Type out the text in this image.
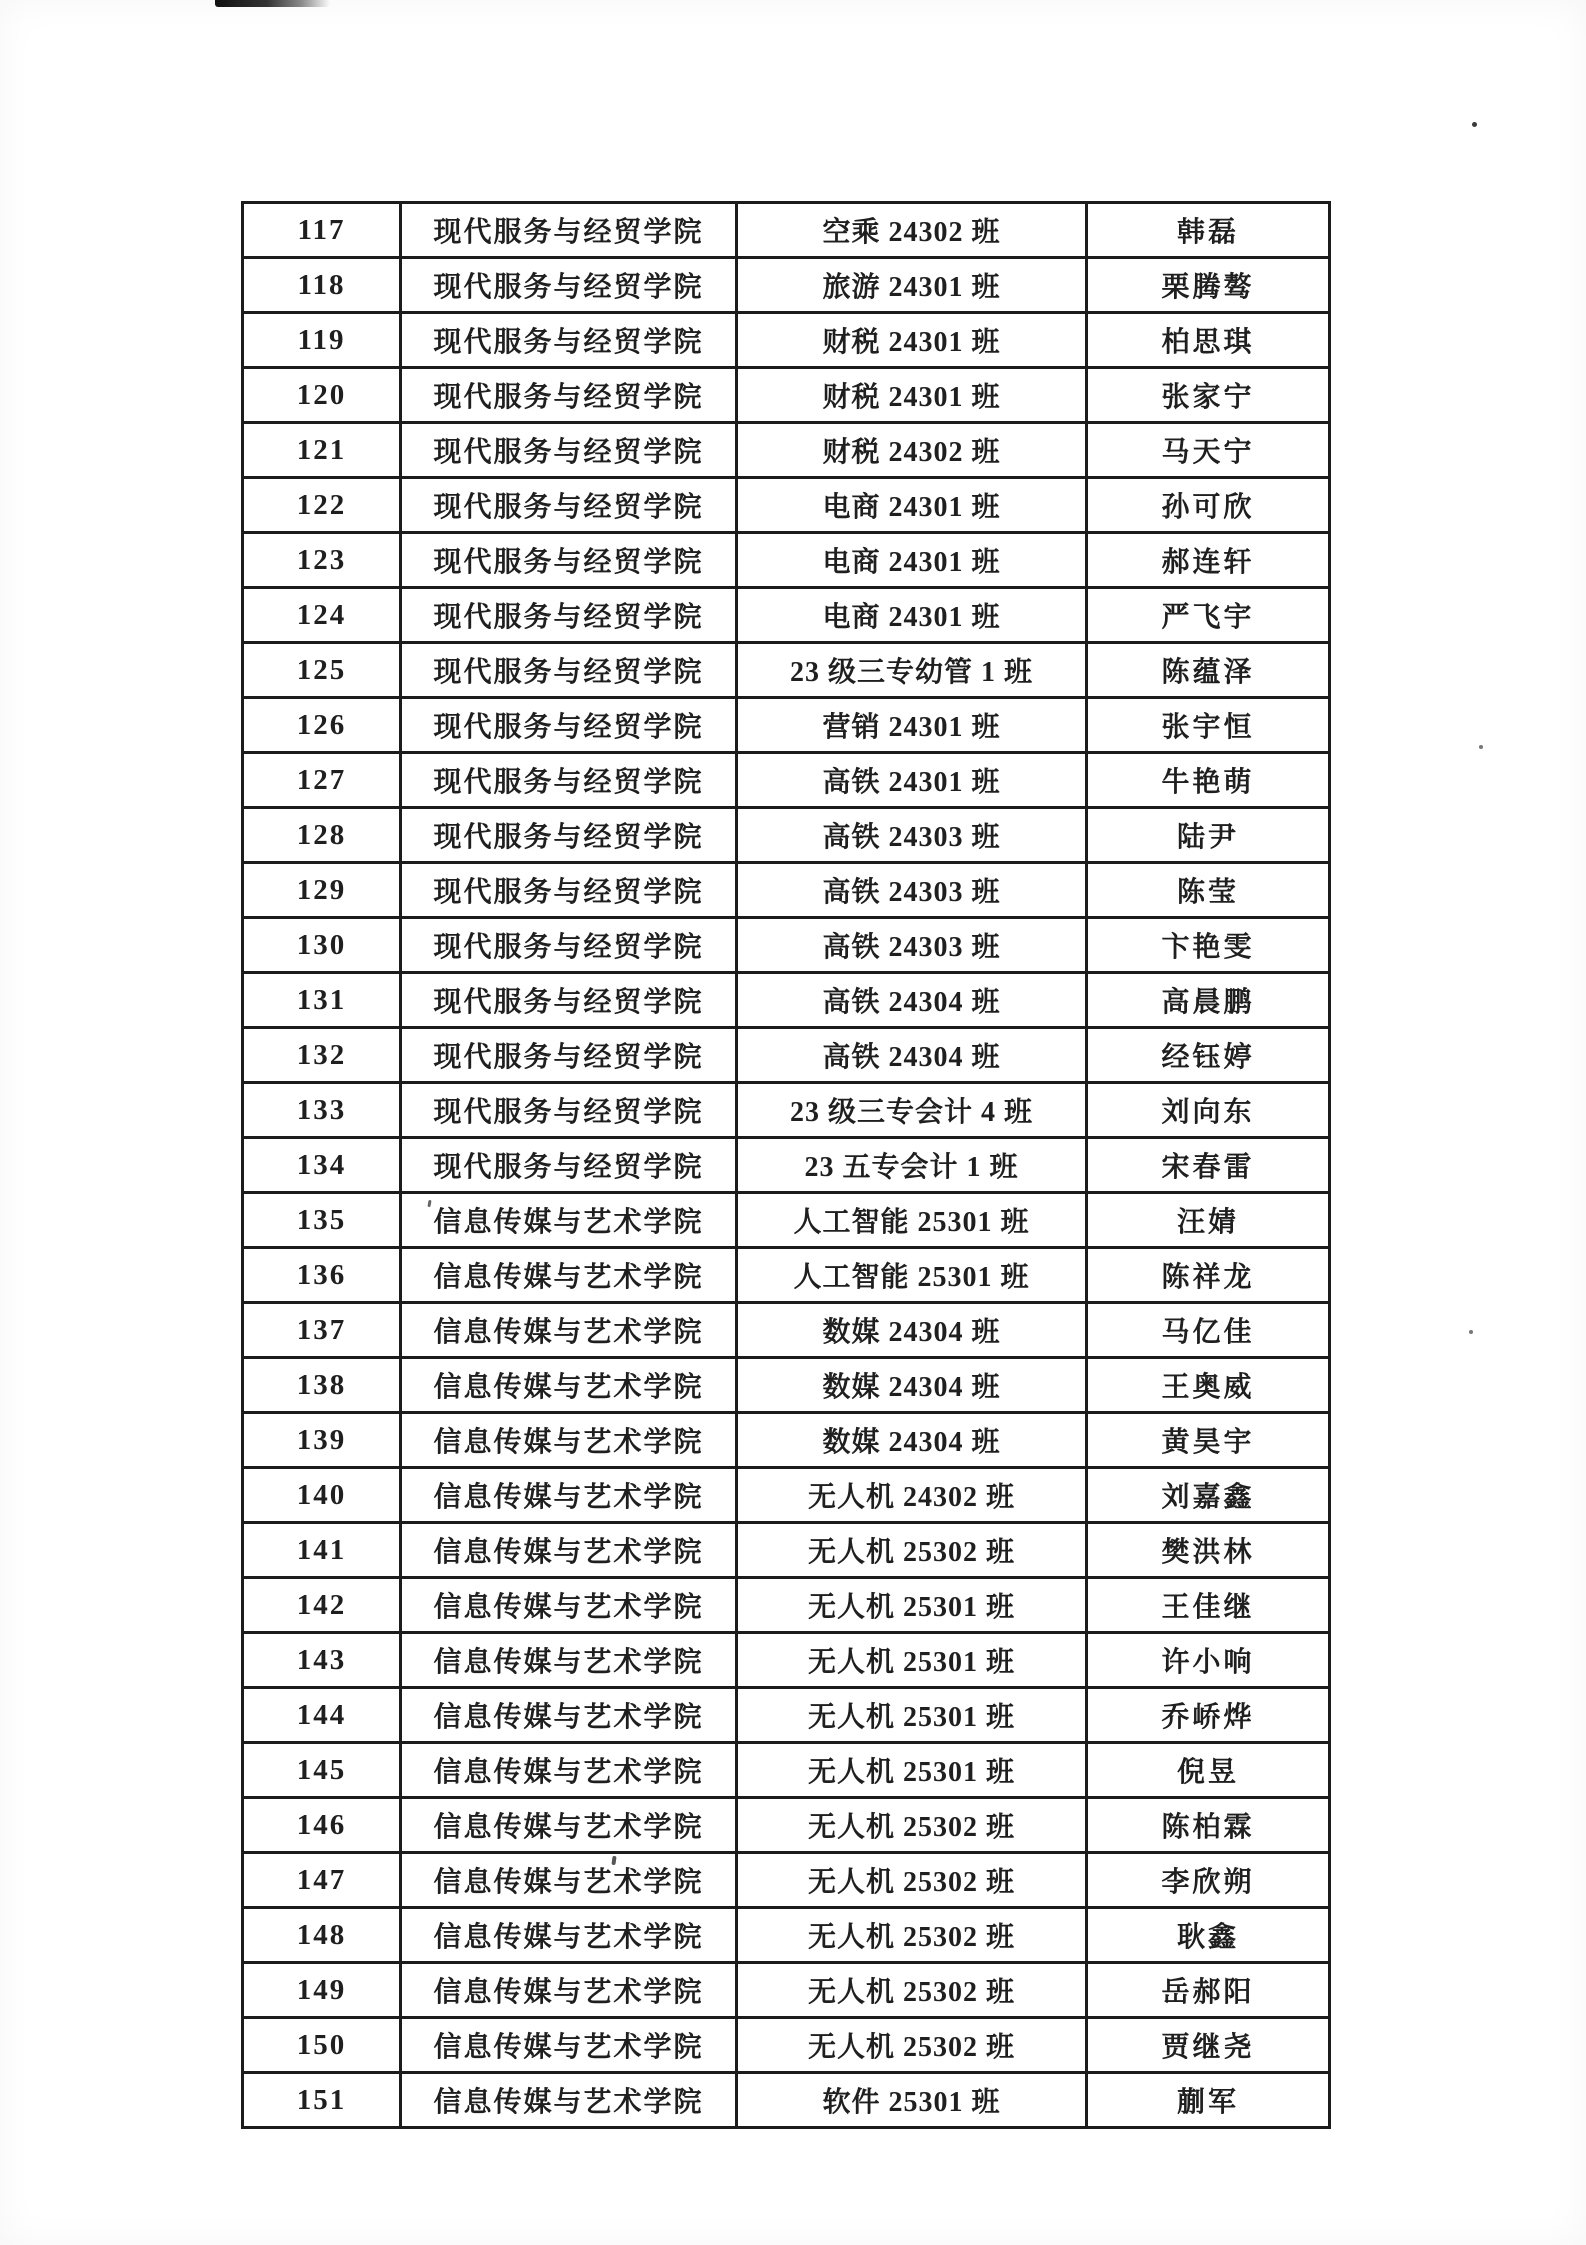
117	现代服务与经贸学院	空乘 24302 班	韩磊
118	现代服务与经贸学院	旅游 24301 班	栗腾骜
119	现代服务与经贸学院	财税 24301 班	柏思琪
120	现代服务与经贸学院	财税 24301 班	张家宁
121	现代服务与经贸学院	财税 24302 班	马天宁
122	现代服务与经贸学院	电商 24301 班	孙可欣
123	现代服务与经贸学院	电商 24301 班	郝连轩
124	现代服务与经贸学院	电商 24301 班	严飞宇
125	现代服务与经贸学院	23 级三专幼管 1 班	陈蕴泽
126	现代服务与经贸学院	营销 24301 班	张宇恒
127	现代服务与经贸学院	高铁 24301 班	牛艳萌
128	现代服务与经贸学院	高铁 24303 班	陆尹
129	现代服务与经贸学院	高铁 24303 班	陈莹
130	现代服务与经贸学院	高铁 24303 班	卞艳雯
131	现代服务与经贸学院	高铁 24304 班	高晨鹏
132	现代服务与经贸学院	高铁 24304 班	经钰婷
133	现代服务与经贸学院	23 级三专会计 4 班	刘向东
134	现代服务与经贸学院	23 五专会计 1 班	宋春雷
135	信息传媒与艺术学院	人工智能 25301 班	汪婧
136	信息传媒与艺术学院	人工智能 25301 班	陈祥龙
137	信息传媒与艺术学院	数媒 24304 班	马亿佳
138	信息传媒与艺术学院	数媒 24304 班	王奥威
139	信息传媒与艺术学院	数媒 24304 班	黄昊宇
140	信息传媒与艺术学院	无人机 24302 班	刘嘉鑫
141	信息传媒与艺术学院	无人机 25302 班	樊洪林
142	信息传媒与艺术学院	无人机 25301 班	王佳继
143	信息传媒与艺术学院	无人机 25301 班	许小响
144	信息传媒与艺术学院	无人机 25301 班	乔峤烨
145	信息传媒与艺术学院	无人机 25301 班	倪昱
146	信息传媒与艺术学院	无人机 25302 班	陈柏霖
147	信息传媒与艺术学院	无人机 25302 班	李欣朔
148	信息传媒与艺术学院	无人机 25302 班	耿鑫
149	信息传媒与艺术学院	无人机 25302 班	岳郝阳
150	信息传媒与艺术学院	无人机 25302 班	贾继尧
151	信息传媒与艺术学院	软件 25301 班	蒯军
